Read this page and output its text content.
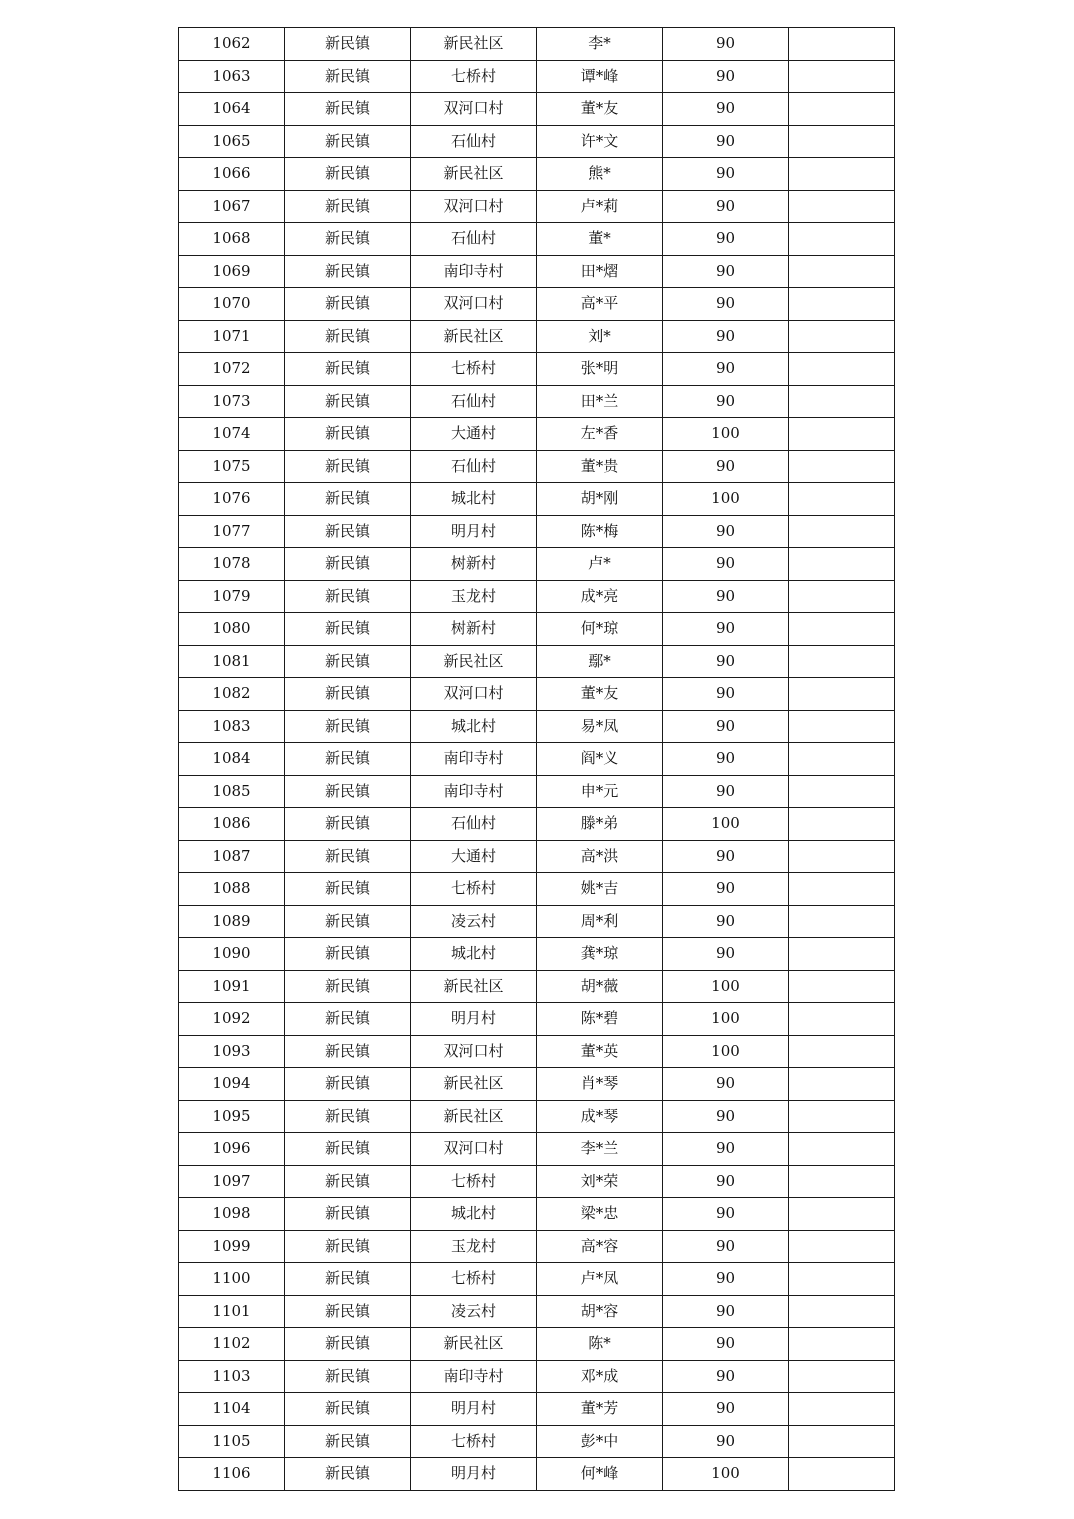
1062	新民镇	新民社区	李*	90	
1063	新民镇	七桥村	谭*峰	90	
1064	新民镇	双河口村	董*友	90	
1065	新民镇	石仙村	许*文	90	
1066	新民镇	新民社区	熊*	90	
1067	新民镇	双河口村	卢*莉	90	
1068	新民镇	石仙村	董*	90	
1069	新民镇	南印寺村	田*熠	90	
1070	新民镇	双河口村	高*平	90	
1071	新民镇	新民社区	刘*	90	
1072	新民镇	七桥村	张*明	90	
1073	新民镇	石仙村	田*兰	90	
1074	新民镇	大通村	左*香	100	
1075	新民镇	石仙村	董*贵	90	
1076	新民镇	城北村	胡*刚	100	
1077	新民镇	明月村	陈*梅	90	
1078	新民镇	树新村	卢*	90	
1079	新民镇	玉龙村	成*亮	90	
1080	新民镇	树新村	何*琼	90	
1081	新民镇	新民社区	鄢*	90	
1082	新民镇	双河口村	董*友	90	
1083	新民镇	城北村	易*凤	90	
1084	新民镇	南印寺村	阎*义	90	
1085	新民镇	南印寺村	申*元	90	
1086	新民镇	石仙村	滕*弟	100	
1087	新民镇	大通村	高*洪	90	
1088	新民镇	七桥村	姚*吉	90	
1089	新民镇	凌云村	周*利	90	
1090	新民镇	城北村	龚*琼	90	
1091	新民镇	新民社区	胡*薇	100	
1092	新民镇	明月村	陈*碧	100	
1093	新民镇	双河口村	董*英	100	
1094	新民镇	新民社区	肖*琴	90	
1095	新民镇	新民社区	成*琴	90	
1096	新民镇	双河口村	李*兰	90	
1097	新民镇	七桥村	刘*荣	90	
1098	新民镇	城北村	梁*忠	90	
1099	新民镇	玉龙村	高*容	90	
1100	新民镇	七桥村	卢*凤	90	
1101	新民镇	凌云村	胡*容	90	
1102	新民镇	新民社区	陈*	90	
1103	新民镇	南印寺村	邓*成	90	
1104	新民镇	明月村	董*芳	90	
1105	新民镇	七桥村	彭*中	90	
1106	新民镇	明月村	何*峰	100	
